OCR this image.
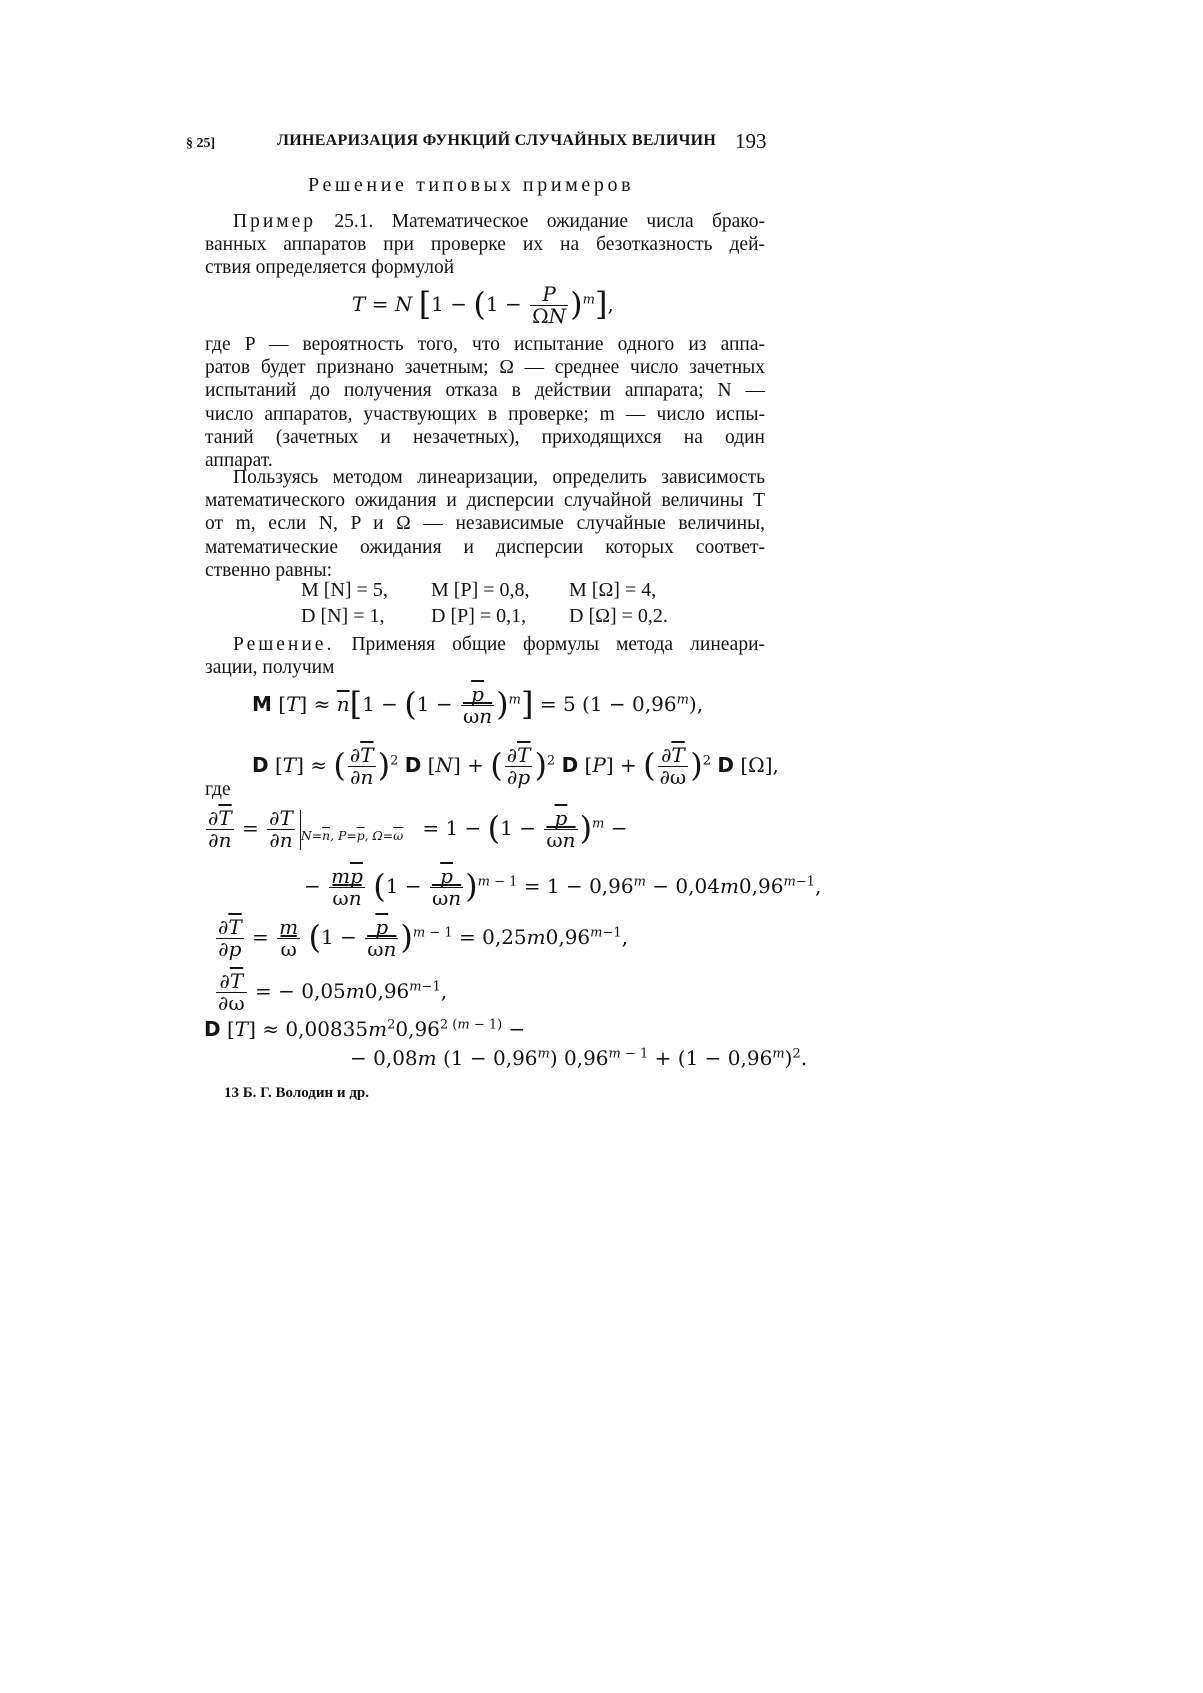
§ 25]	ЛИНЕАРИЗАЦИЯ ФУНКЦИЙ СЛУЧАЙНЫХ ВЕЛИЧИН 193
Решение типовых примеров
Пример 25.1. Математическое ожидание числа брако-
ванных аппаратов при проверке их на безотказность дей-
ствия определяется формулой
T = N $[1 - (1 - \frac{P}{\Omega N} )^m]$,
где P — вероятность того, что испытание одного из аппа-
ратов будет признано зачетным; Ω — среднее число зачетных
испытаний до получения отказа в действии аппарата; N —
число аппаратов, участвующих в проверке; m — число испы-
таний (зачетных и незачетных), приходящихся на один
аппарат.
Пользуясь методом линеаризации, определить зависимость
математического ожидания и дисперсии случайной величины T
от m, если N, P и Ω — независимые случайные величины,
математические ожидания и дисперсии которых соответ-
ственно равны:
M [N] = 5, M [P] = 0,8, M [Ω] = 4,
D [N] = 1, D [P] = 0,1, D [Ω] = 0,2.
Решение. Применяя общие формулы метода линеари-
зации, получим
M $[T] \approx \overline{n}[1 - (1 - \frac{\overline{p}}{\overline{\omega}\overline{n}} )^m] = 5$ $(1 - 0,96^m)$,
D [T] ≈ ( $\frac{\partial\overline{T}}{\partial n} )^2$ D [N] + ( $\frac{\partial\overline{T}}{\partial p} )^2$ D [P] + ( $\frac{\partial\overline{T}}{\partial\omega} )^2$ D [Ω],
где
$\frac{\partial\overline{T}}{\partial n} = \frac{\partial T}{\partial n} _{N=\overline{n}, P=\overline{p}, \Omega=\overline{\omega}} = 1 - (1 - \frac{\overline{p}}{\overline{\omega}\overline{n}} )^m$ −
− $\frac{m\overline{p}}{\overline{\omega}\overline{n}} (1 - \frac{\overline{p}}{\overline{\omega}\overline{n}} )^{m - 1} = 1 - 0,96^m - 0,04m0,96^{m-1}$,
$\frac{\partial\overline{T}}{\partial p} = \frac{m}{\omega} (1 - \frac{\overline{p}}{\overline{\omega}\overline{n}} )^{m - 1} = 0,25m0,96^{m-1}$,
$\frac{\partial\overline{T}}{\partial\omega}$ = − $0,05m0,96^{m-1}$,
D $[T] \approx 0,00835m^20,96^{2 (m - 1)}$ −
− 0,08m $(1 - 0,96^m)$ $0,96^{m - 1} + (1 - 0,96^m)^2$.
13 Б. Г. Володин и др.
